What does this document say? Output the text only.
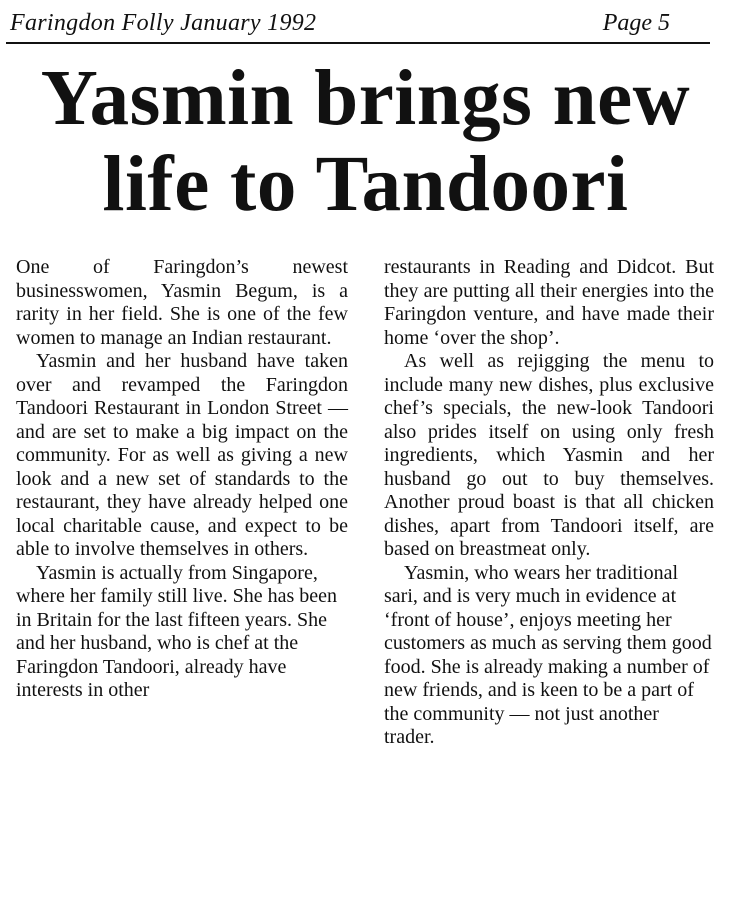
Faringdon Folly January 1992	Page 5
Yasmin brings new
life to Tandoori

One of Faringdon’s newest businesswomen, Yasmin Begum, is a rarity in her field. She is one of the few women to manage an Indian restaurant.

Yasmin and her husband have taken over and revamped the Faringdon Tandoori Restaurant in London Street — and are set to make a big impact on the community. For as well as giving a new look and a new set of standards to the restaurant, they have already helped one local charitable cause, and expect to be able to involve themselves in others.

Yasmin is actually from Singapore, where her family still live. She has been in Britain for the last fifteen years. She and her husband, who is chef at the Faringdon Tandoori, already have interests in other

restaurants in Reading and Didcot. But they are putting all their energies into the Faringdon venture, and have made their home ‘over the shop’.

As well as rejigging the menu to include many new dishes, plus exclusive chef’s specials, the new-look Tandoori also prides itself on using only fresh ingredients, which Yasmin and her husband go out to buy themselves. Another proud boast is that all chicken dishes, apart from Tandoori itself, are based on breastmeat only.

Yasmin, who wears her traditional sari, and is very much in evidence at ‘front of house’, enjoys meeting her customers as much as serving them good food. She is already making a number of new friends, and is keen to be a part of the community — not just another trader.
